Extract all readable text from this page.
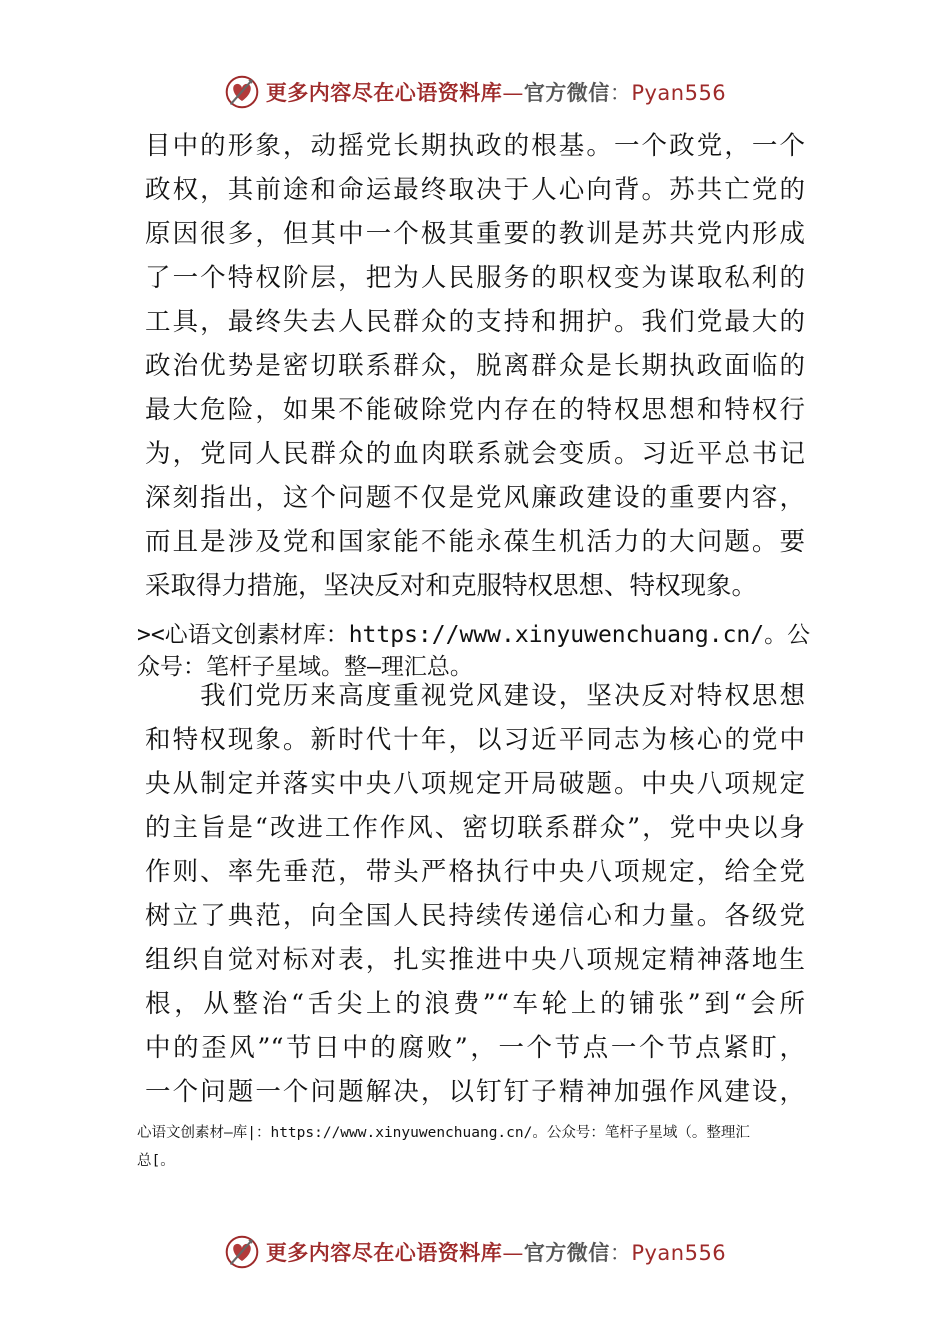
更多内容尽在心语资料库—官方微信：Pyan556
目中的形象，动摇党长期执政的根基。一个政党，一个
政权，其前途和命运最终取决于人心向背。苏共亡党的
原因很多，但其中一个极其重要的教训是苏共党内形成
了一个特权阶层，把为人民服务的职权变为谋取私利的
工具，最终失去人民群众的支持和拥护。我们党最大的
政治优势是密切联系群众，脱离群众是长期执政面临的
最大危险，如果不能破除党内存在的特权思想和特权行
为，党同人民群众的血肉联系就会变质。习近平总书记
深刻指出，这个问题不仅是党风廉政建设的重要内容，
而且是涉及党和国家能不能永葆生机活力的大问题。要
采取得力措施，坚决反对和克服特权思想、特权现象。
><心语文创素材库：https://www.xinyuwenchuang.cn/。公
众号：笔杆子星域。整—理汇总。
　　我们党历来高度重视党风建设，坚决反对特权思想
和特权现象。新时代十年，以习近平同志为核心的党中
央从制定并落实中央八项规定开局破题。中央八项规定
的主旨是“改进工作作风、密切联系群众”，党中央以身
作则、率先垂范，带头严格执行中央八项规定，给全党
树立了典范，向全国人民持续传递信心和力量。各级党
组织自觉对标对表，扎实推进中央八项规定精神落地生
根，从整治“舌尖上的浪费”“车轮上的铺张”到“会所
中的歪风”“节日中的腐败”，一个节点一个节点紧盯，
一个问题一个问题解决，以钉钉子精神加强作风建设，
心语文创素材—库|：https://www.xinyuwenchuang.cn/。公众号：笔杆子星域（。整理汇
总[。
更多内容尽在心语资料库—官方微信：Pyan556
